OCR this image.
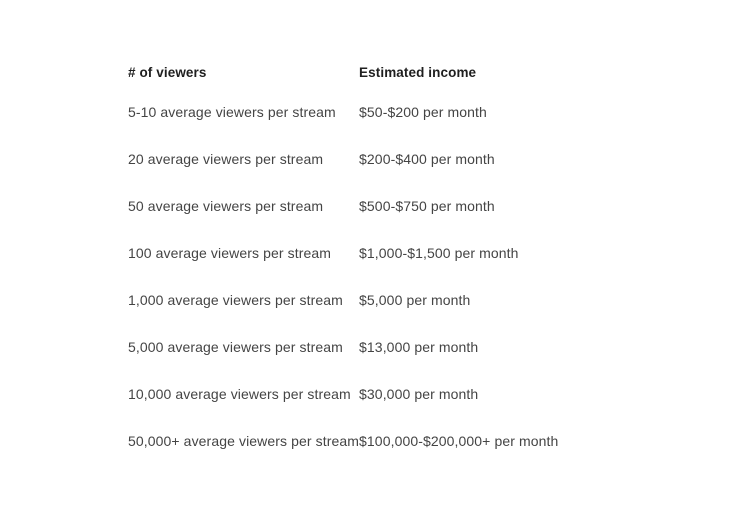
# of viewers	Estimated income
5-10 average viewers per stream	$50-$200 per month
20 average viewers per stream	$200-$400 per month
50 average viewers per stream	$500-$750 per month
100 average viewers per stream	$1,000-$1,500 per month
1,000 average viewers per stream	$5,000 per month
5,000 average viewers per stream	$13,000 per month
10,000 average viewers per stream	$30,000 per month
50,000+ average viewers per stream	$100,000-$200,000+ per month
